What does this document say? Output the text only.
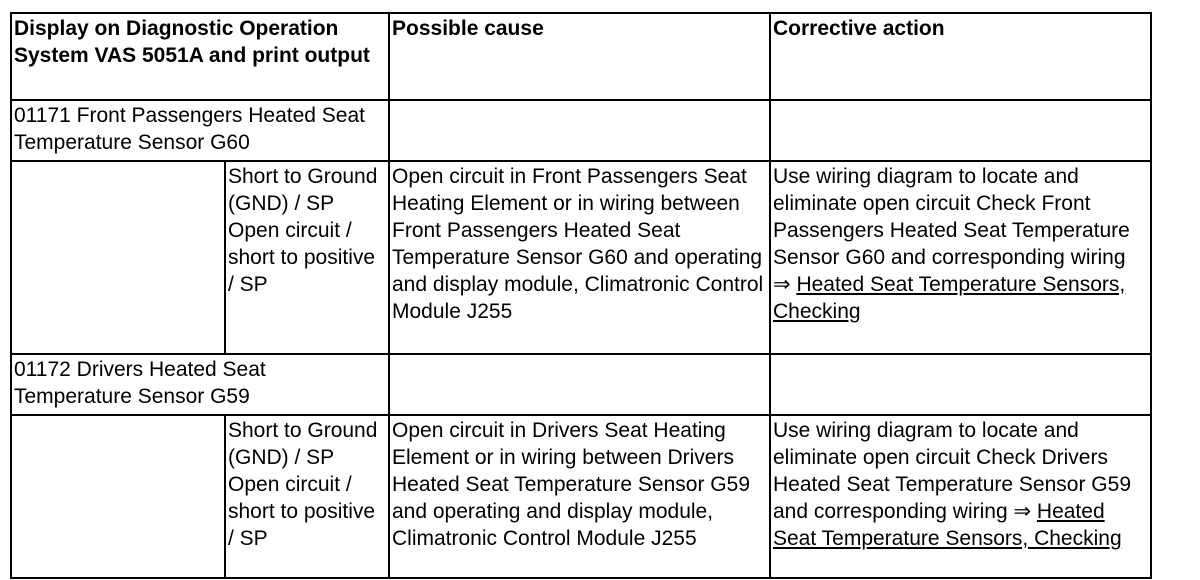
Display on Diagnostic Operation System VAS 5051A and print output		Possible cause	Corrective action
01171 Front Passengers Heated Seat Temperature Sensor G60			
	Short to Ground (GND) / SP Open circuit / short to positive / SP	Open circuit in Front Passengers Seat Heating Element or in wiring between Front Passengers Heated Seat Temperature Sensor G60 and operating and display module, Climatronic Control Module J255	Use wiring diagram to locate and eliminate open circuit Check Front Passengers Heated Seat Temperature Sensor G60 and corresponding wiring ⇒ Heated Seat Temperature Sensors, Checking
01172 Drivers Heated Seat Temperature Sensor G59			
	Short to Ground (GND) / SP Open circuit / short to positive / SP	Open circuit in Drivers Seat Heating Element or in wiring between Drivers Heated Seat Temperature Sensor G59 and operating and display module, Climatronic Control Module J255	Use wiring diagram to locate and eliminate open circuit Check Drivers Heated Seat Temperature Sensor G59 and corresponding wiring ⇒ Heated Seat Temperature Sensors, Checking
